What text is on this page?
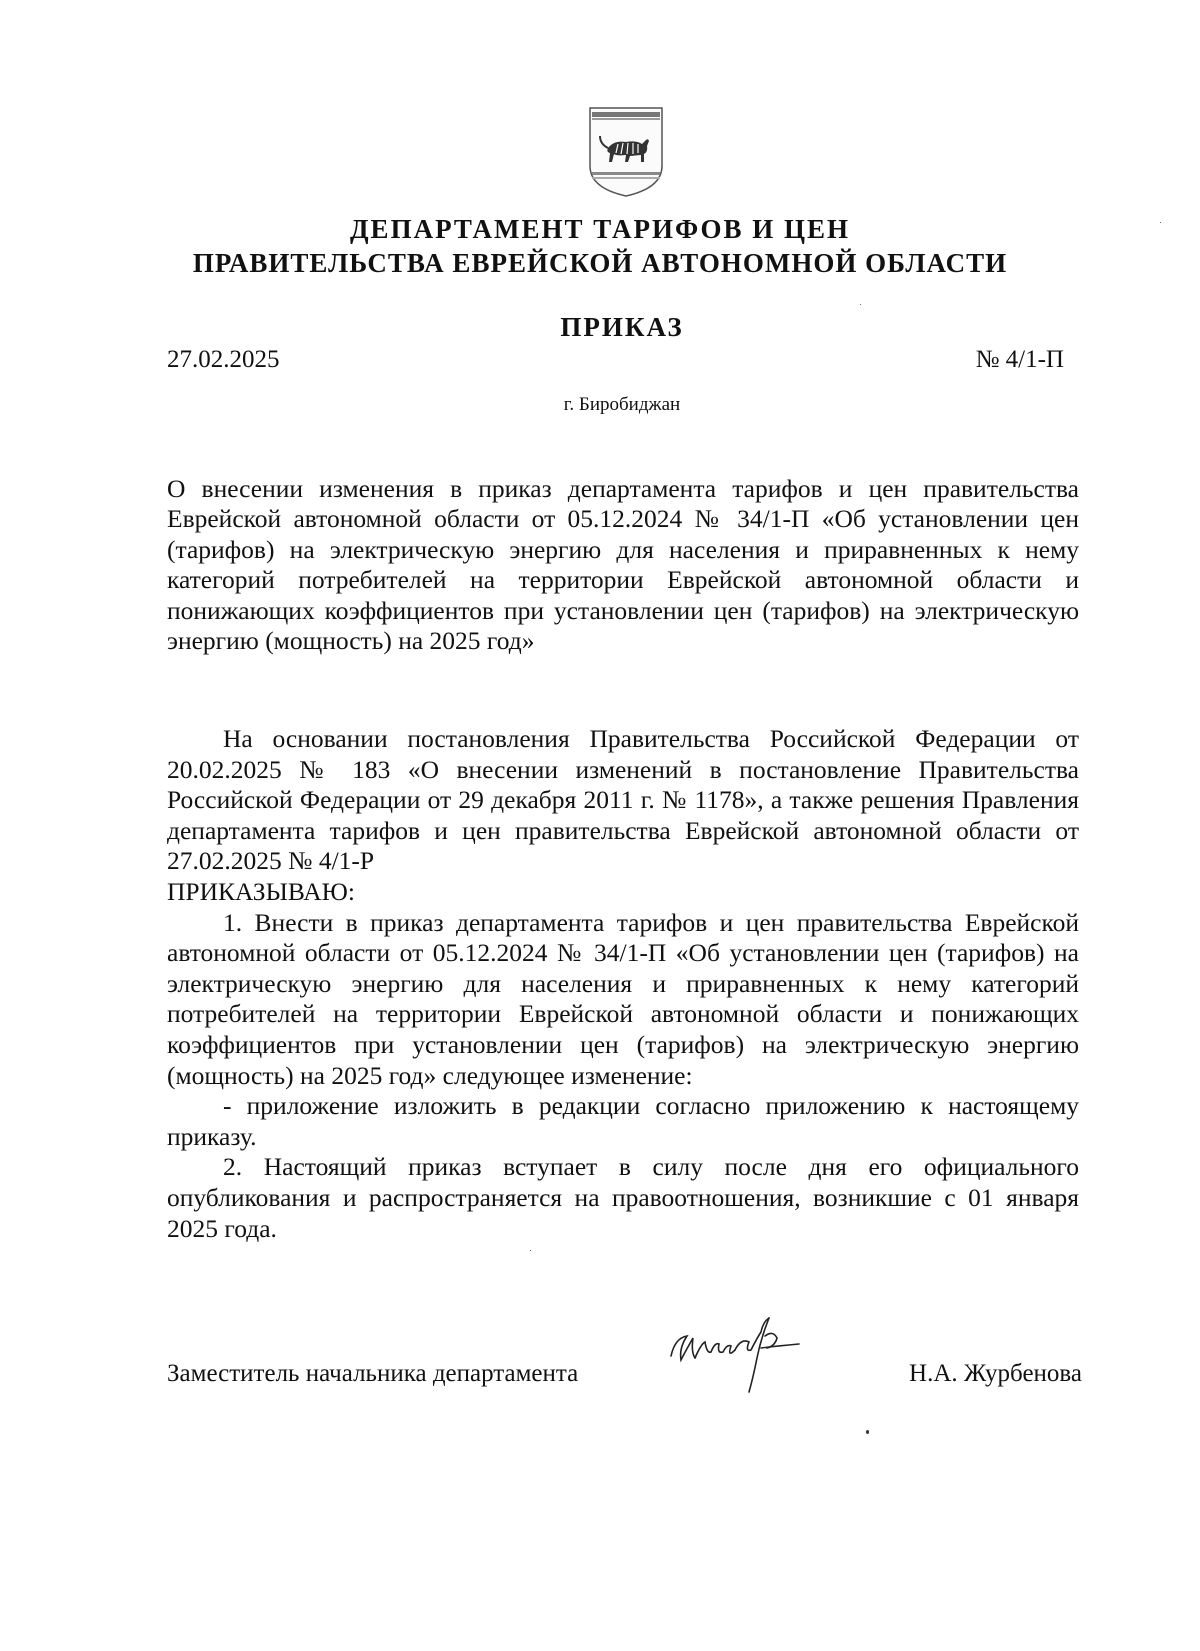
ДЕПАРТАМЕНТ ТАРИФОВ И ЦЕН
ПРАВИТЕЛЬСТВА ЕВРЕЙСКОЙ АВТОНОМНОЙ ОБЛАСТИ
ПРИКАЗ
27.02.2025	№ 4/1-П
г. Биробиджан
О внесении изменения в приказ департамента тарифов и цен правительства Еврейской автономной области от 05.12.2024 № 34/1-П «Об установлении цен (тарифов) на электрическую энергию для населения и приравненных к нему категорий потребителей на территории Еврейской автономной области и понижающих коэффициентов при установлении цен (тарифов) на электрическую энергию (мощность) на 2025 год»

На основании постановления Правительства Российской Федерации от 20.02.2025 № 183 «О внесении изменений в постановление Правительства Российской Федерации от 29 декабря 2011 г. № 1178», а также решения Правления департамента тарифов и цен правительства Еврейской автономной области от 27.02.2025 № 4/1-Р

ПРИКАЗЫВАЮ:

1. Внести в приказ департамента тарифов и цен правительства Еврейской автономной области от 05.12.2024 № 34/1-П «Об установлении цен (тарифов) на электрическую энергию для населения и приравненных к нему категорий потребителей на территории Еврейской автономной области и понижающих коэффициентов при установлении цен (тарифов) на электрическую энергию (мощность) на 2025 год» следующее изменение:

- приложение изложить в редакции согласно приложению к настоящему приказу.

2. Настоящий приказ вступает в силу после дня его официального опубликования и распространяется на правоотношения, возникшие с 01 января 2025 года.

Заместитель начальника департамента	Н.А. Журбенова
